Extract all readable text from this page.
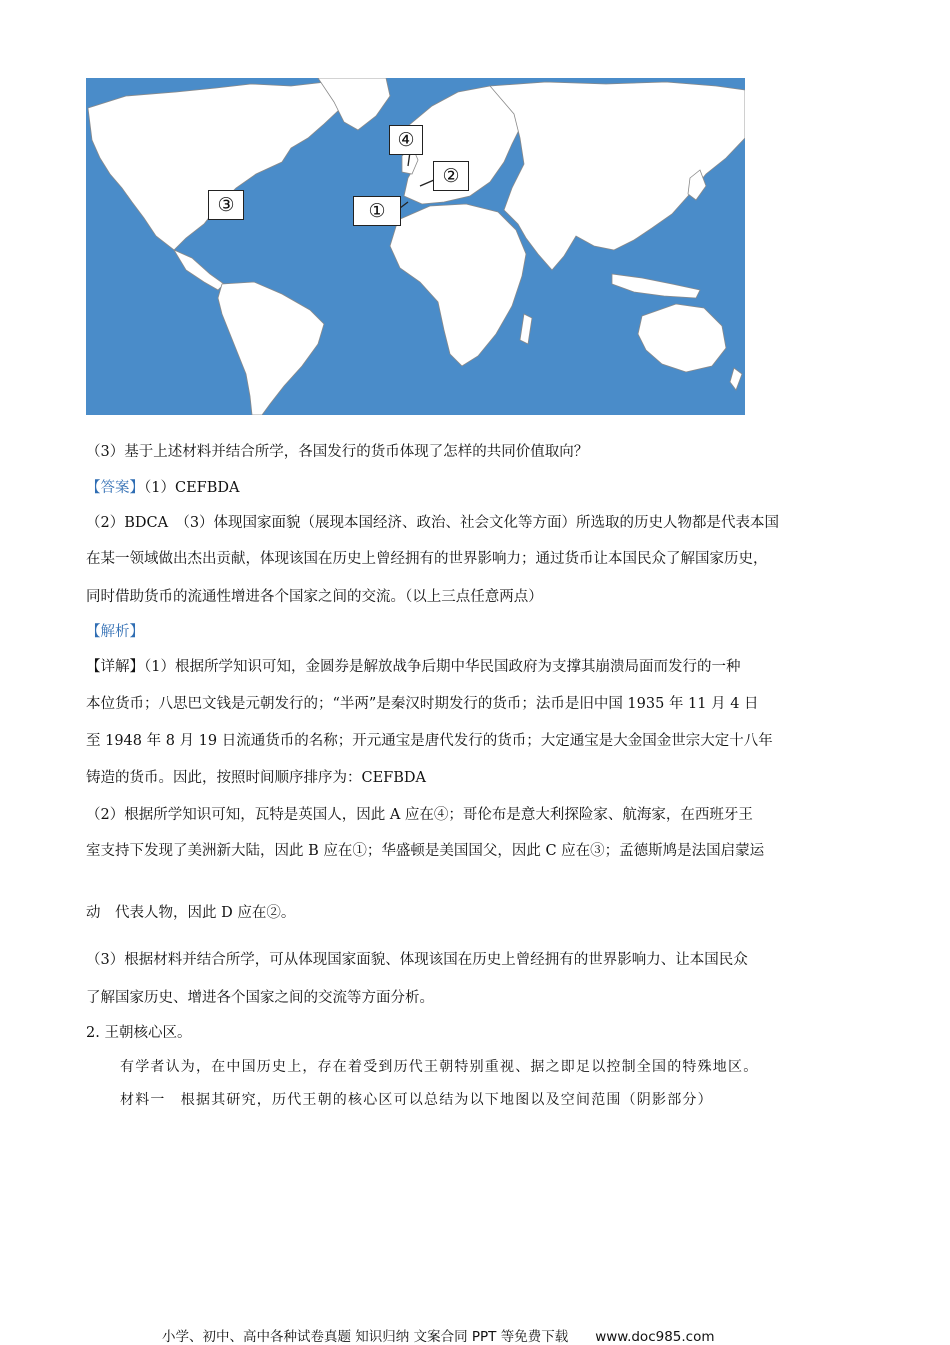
④
②
①
③
（3）基于上述材料并结合所学，各国发行的货币体现了怎样的共同价值取向？
【答案】（1）CEFBDA
（2）BDCA　（3）体现国家面貌（展现本国经济、政治、社会文化等方面）所选取的历史人物都是代表本国
在某一领域做出杰出贡献，体现该国在历史上曾经拥有的世界影响力；通过货币让本国民众了解国家历史，
同时借助货币的流通性增进各个国家之间的交流。（以上三点任意两点）
【解析】
【详解】（1）根据所学知识可知，金圆券是解放战争后期中华民国政府为支撑其崩溃局面而发行的一种
本位货币；八思巴文钱是元朝发行的；“半两”是秦汉时期发行的货币；法币是旧中国 1935 年 11 月 4 日
至 1948 年 8 月 19 日流通货币的名称；开元通宝是唐代发行的货币；大定通宝是大金国金世宗大定十八年
铸造的货币。因此，按照时间顺序排序为：CEFBDA
（2）根据所学知识可知，瓦特是英国人，因此 A 应在④；哥伦布是意大利探险家、航海家，在西班牙王
室支持下发现了美洲新大陆，因此 B 应在①；华盛顿是美国国父，因此 C 应在③；孟德斯鸠是法国启蒙运
动　代表人物，因此 D 应在②。
（3）根据材料并结合所学，可从体现国家面貌、体现该国在历史上曾经拥有的世界影响力、让本国民众
了解国家历史、增进各个国家之间的交流等方面分析。
2. 王朝核心区。
有学者认为，在中国历史上，存在着受到历代王朝特别重视、据之即足以控制全国的特殊地区。
材料一　根据其研究，历代王朝的核心区可以总结为以下地图以及空间范围（阴影部分）
小学、初中、高中各种试卷真题 知识归纳 文案合同 PPT 等免费下载　　www.doc985.com
